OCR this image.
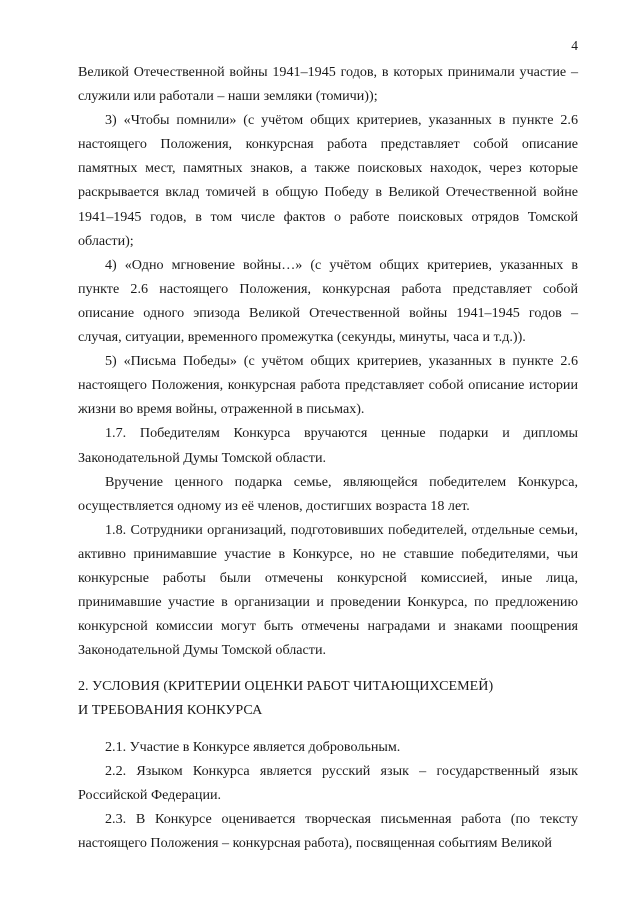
4

Великой Отечественной войны 1941–1945 годов, в которых принимали участие – служили или работали – наши земляки (томичи));

3) «Чтобы помнили» (с учётом общих критериев, указанных в пункте 2.6 настоящего Положения, конкурсная работа представляет собой описание памятных мест, памятных знаков, а также поисковых находок, через которые раскрывается вклад томичей в общую Победу в Великой Отечественной войне 1941–1945 годов, в том числе фактов о работе поисковых отрядов Томской области);

4) «Одно мгновение войны…» (с учётом общих критериев, указанных в пункте 2.6 настоящего Положения, конкурсная работа представляет собой описание одного эпизода Великой Отечественной войны 1941–1945 годов – случая, ситуации, временного промежутка (секунды, минуты, часа и т.д.)).

5) «Письма Победы» (с учётом общих критериев, указанных в пункте 2.6 настоящего Положения, конкурсная работа представляет собой описание истории жизни во время войны, отраженной в письмах).

1.7. Победителям Конкурса вручаются ценные подарки и дипломы Законодательной Думы Томской области.

Вручение ценного подарка семье, являющейся победителем Конкурса, осуществляется одному из её членов, достигших возраста 18 лет.

1.8. Сотрудники организаций, подготовивших победителей, отдельные семьи, активно принимавшие участие в Конкурсе, но не ставшие победителями, чьи конкурсные работы были отмечены конкурсной комиссией, иные лица, принимавшие участие в организации и проведении Конкурса, по предложению конкурсной комиссии могут быть отмечены наградами и знаками поощрения Законодательной Думы Томской области.

2. УСЛОВИЯ (КРИТЕРИИ ОЦЕНКИ РАБОТ ЧИТАЮЩИХСЕМЕЙ)

И ТРЕБОВАНИЯ КОНКУРСА

2.1. Участие в Конкурсе является добровольным.

2.2. Языком Конкурса является русский язык – государственный язык Российской Федерации.

2.3. В Конкурсе оценивается творческая письменная работа (по тексту настоящего Положения – конкурсная работа), посвященная событиям Великой
